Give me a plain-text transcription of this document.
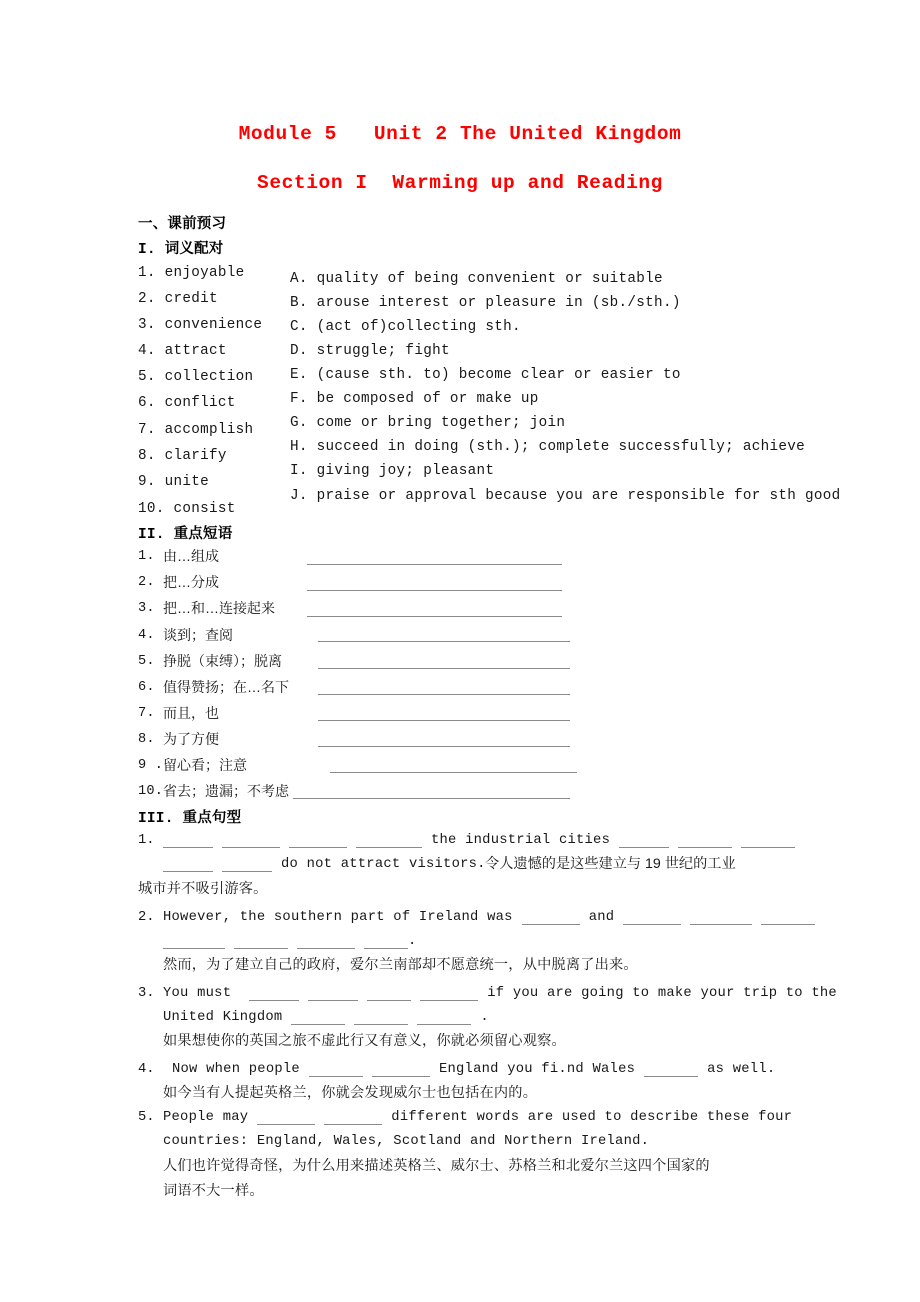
Module 5   Unit 2 The United Kingdom
Section I  Warming up and Reading
一、课前预习
I. 词义配对
1. enjoyable
2. credit
3. convenience
4. attract
5. collection
6. conflict
7. accomplish
8. clarify
9. unite
10. consist
A. quality of being convenient or suitable
B. arouse interest or pleasure in (sb./sth.)
C. (act of)collecting sth.
D. struggle; fight
E. (cause sth. to) become clear or easier to
F. be composed of or make up
G. come or bring together; join
H. succeed in doing (sth.); complete successfully; achieve
I. giving joy; pleasant
J. praise or approval because you are responsible for sth good
II. 重点短语
1. 由…组成
2. 把…分成
3. 把…和…连接起来
4. 谈到；查阅
5. 挣脱（束缚）；脱离
6. 值得赞扬；在…名下
7. 而且，也
8. 为了方便
9 . 留心看；注意
10. 省去；遗漏；不考虑
III. 重点句型
1.	the industrial cities
do not attract visitors. 令人遗憾的是这些建立与 19 世纪的工业
城市并不吸引游客。
2. However, the southern part of Ireland was	and
.
然而，为了建立自己的政府，爱尔兰南部却不愿意统一，从中脱离了出来。
3. You must	if you are going to make your trip to the
United Kingdom	.
如果想使你的英国之旅不虚此行又有意义，你就必须留心观察。
4. Now when people	England you fi.nd Wales	as well.
如今当有人提起英格兰，你就会发现威尔士也包括在内的。
5. People may	different words are used to describe these four
countries: England, Wales, Scotland and Northern Ireland.
人们也许觉得奇怪，为什么用来描述英格兰、威尔士、苏格兰和北爱尔兰这四个国家的
词语不大一样。
